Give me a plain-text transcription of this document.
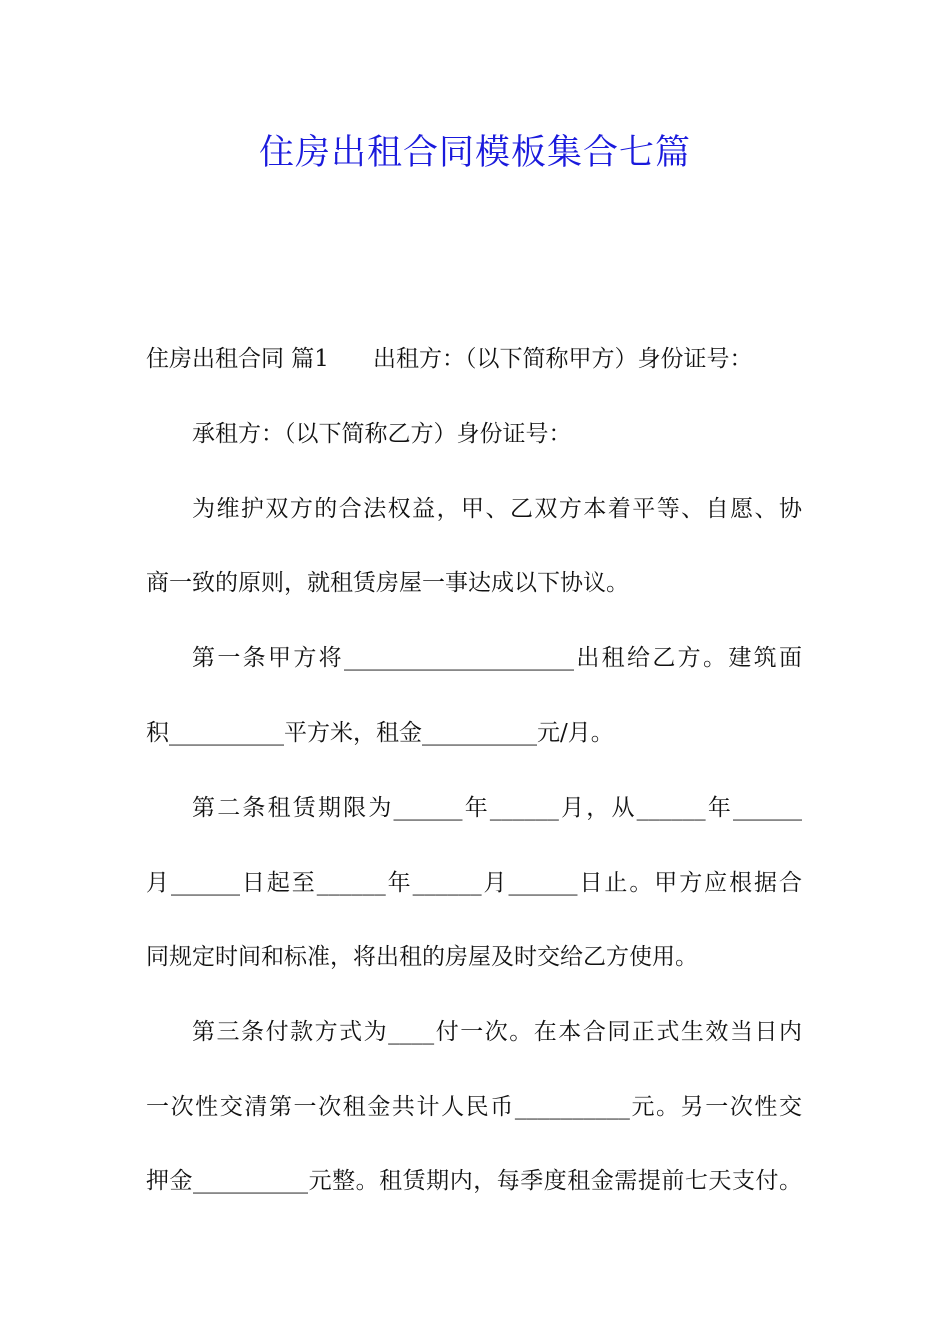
住房出租合同模板集合七篇
住房出租合同 篇1 出租方：（以下简称甲方）身份证号：
承租方：（以下简称乙方）身份证号：
为维护双方的合法权益，甲、乙双方本着平等、自愿、协
商一致的原则，就租赁房屋一事达成以下协议。
第一条甲方将____________________出租给乙方。建筑面
积__________平方米，租金__________元/月。
第二条租赁期限为______年______月，从______年______
月______日起至______年______月______日止。甲方应根据合
同规定时间和标准，将出租的房屋及时交给乙方使用。
第三条付款方式为____付一次。在本合同正式生效当日内
一次性交清第一次租金共计人民币__________元。另一次性交
押金__________元整。租赁期内，每季度租金需提前七天支付。
